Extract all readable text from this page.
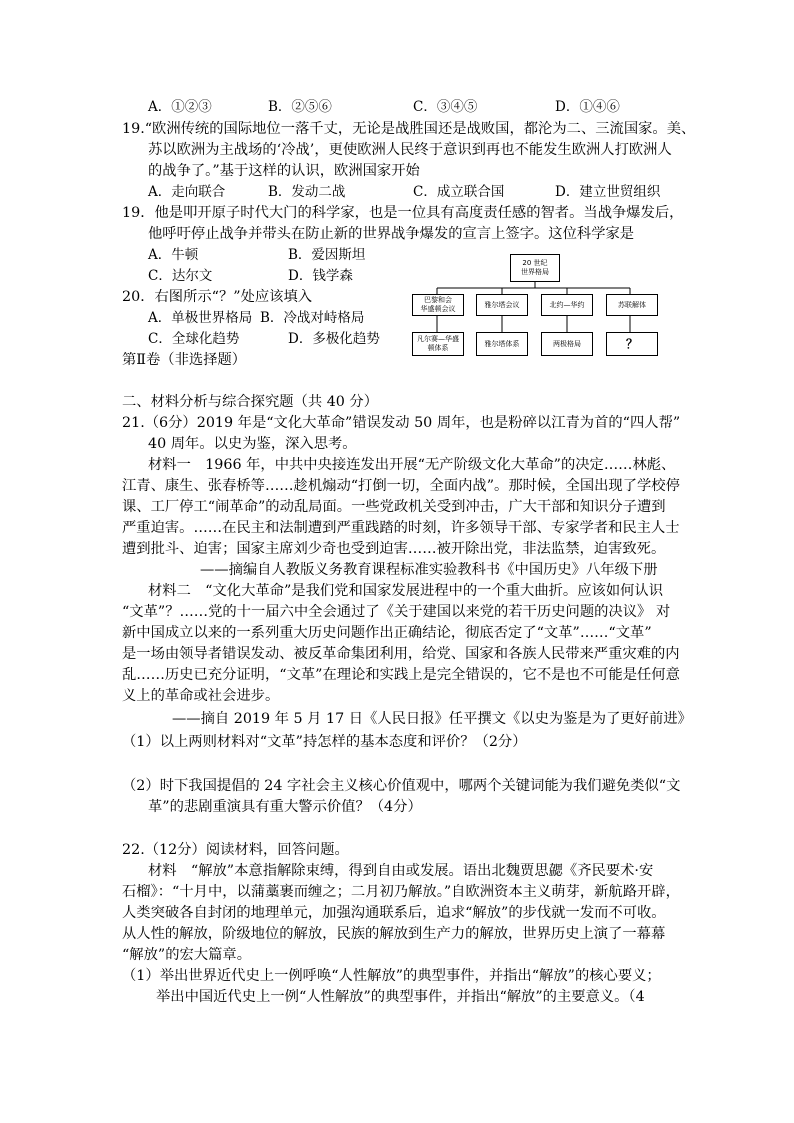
A．①②③	B．②⑤⑥	C．③④⑤	D．①④⑥
19.“欧洲传统的国际地位一落千丈，无论是战胜国还是战败国，都沦为二、三流国家。美、
苏以欧洲为主战场的‘冷战’，更使欧洲人民终于意识到再也不能发生欧洲人打欧洲人
的战争了。”基于这样的认识，欧洲国家开始
A．走向联合	B．发动二战	C．成立联合国	D．建立世贸组织
19．他是叩开原子时代大门的科学家，也是一位具有高度责任感的智者。当战争爆发后，
他呼吁停止战争并带头在防止新的世界战争爆发的宣言上签字。这位科学家是
A．牛顿	B．爱因斯坦
C．达尔文	D．钱学森
20．右图所示“？”处应该填入
A．单极世界格局 B．冷战对峙格局
C．全球化趋势	D．多极化趋势
20 世纪
世界格局
巴黎和会
华盛顿会议
雅尔塔会议	北约—华约	苏联解体
凡尔赛—华盛
顿体系
雅尔塔体系	两极格局	？
第Ⅱ卷（非选择题）
二、材料分析与综合探究题（共 40 分）
21.（6分）2019 年是“文化大革命”错误发动 50 周年，也是粉碎以江青为首的“四人帮”
40 周年。以史为鉴，深入思考。
材料一　1966 年，中共中央接连发出开展“无产阶级文化大革命”的决定……林彪、
江青、康生、张春桥等……趁机煽动“打倒一切，全面内战”。那时候，全国出现了学校停
课、工厂停工“闹革命”的动乱局面。一些党政机关受到冲击，广大干部和知识分子遭到
严重迫害。……在民主和法制遭到严重践踏的时刻，许多领导干部、专家学者和民主人士
遭到批斗、迫害；国家主席刘少奇也受到迫害……被开除出党，非法监禁，迫害致死。
——摘编自人教版义务教育课程标准实验教科书《中国历史》八年级下册
材料二　“文化大革命”是我们党和国家发展进程中的一个重大曲折。应该如何认识
“文革”？……党的十一届六中全会通过了《关于建国以来党的若干历史问题的决议》 对
新中国成立以来的一系列重大历史问题作出正确结论，彻底否定了“文革”……“文革”
是一场由领导者错误发动、被反革命集团利用，给党、国家和各族人民带来严重灾难的内
乱……历史已充分证明，“文革”在理论和实践上是完全错误的，它不是也不可能是任何意
义上的革命或社会进步。
——摘自 2019 年 5 月 17 日《人民日报》任平撰文《以史为鉴是为了更好前进》
（1）以上两则材料对“文革”持怎样的基本态度和评价？（2分）
（2）时下我国提倡的 24 字社会主义核心价值观中，哪两个关键词能为我们避免类似“文
革”的悲剧重演具有重大警示价值？（4分）
22.（12分）阅读材料，回答问题。
材料　“解放”本意指解除束缚，得到自由或发展。语出北魏贾思勰《齐民要术·安
石榴》：“十月中，以蒲藁裹而缠之；二月初乃解放。”自欧洲资本主义萌芽，新航路开辟，
人类突破各自封闭的地理单元，加强沟通联系后，追求“解放”的步伐就一发而不可收。
从人性的解放，阶级地位的解放，民族的解放到生产力的解放，世界历史上演了一幕幕
“解放”的宏大篇章。
（1）举出世界近代史上一例呼唤“人性解放”的典型事件，并指出“解放”的核心要义；
举出中国近代史上一例“人性解放”的典型事件，并指出“解放”的主要意义。（4
